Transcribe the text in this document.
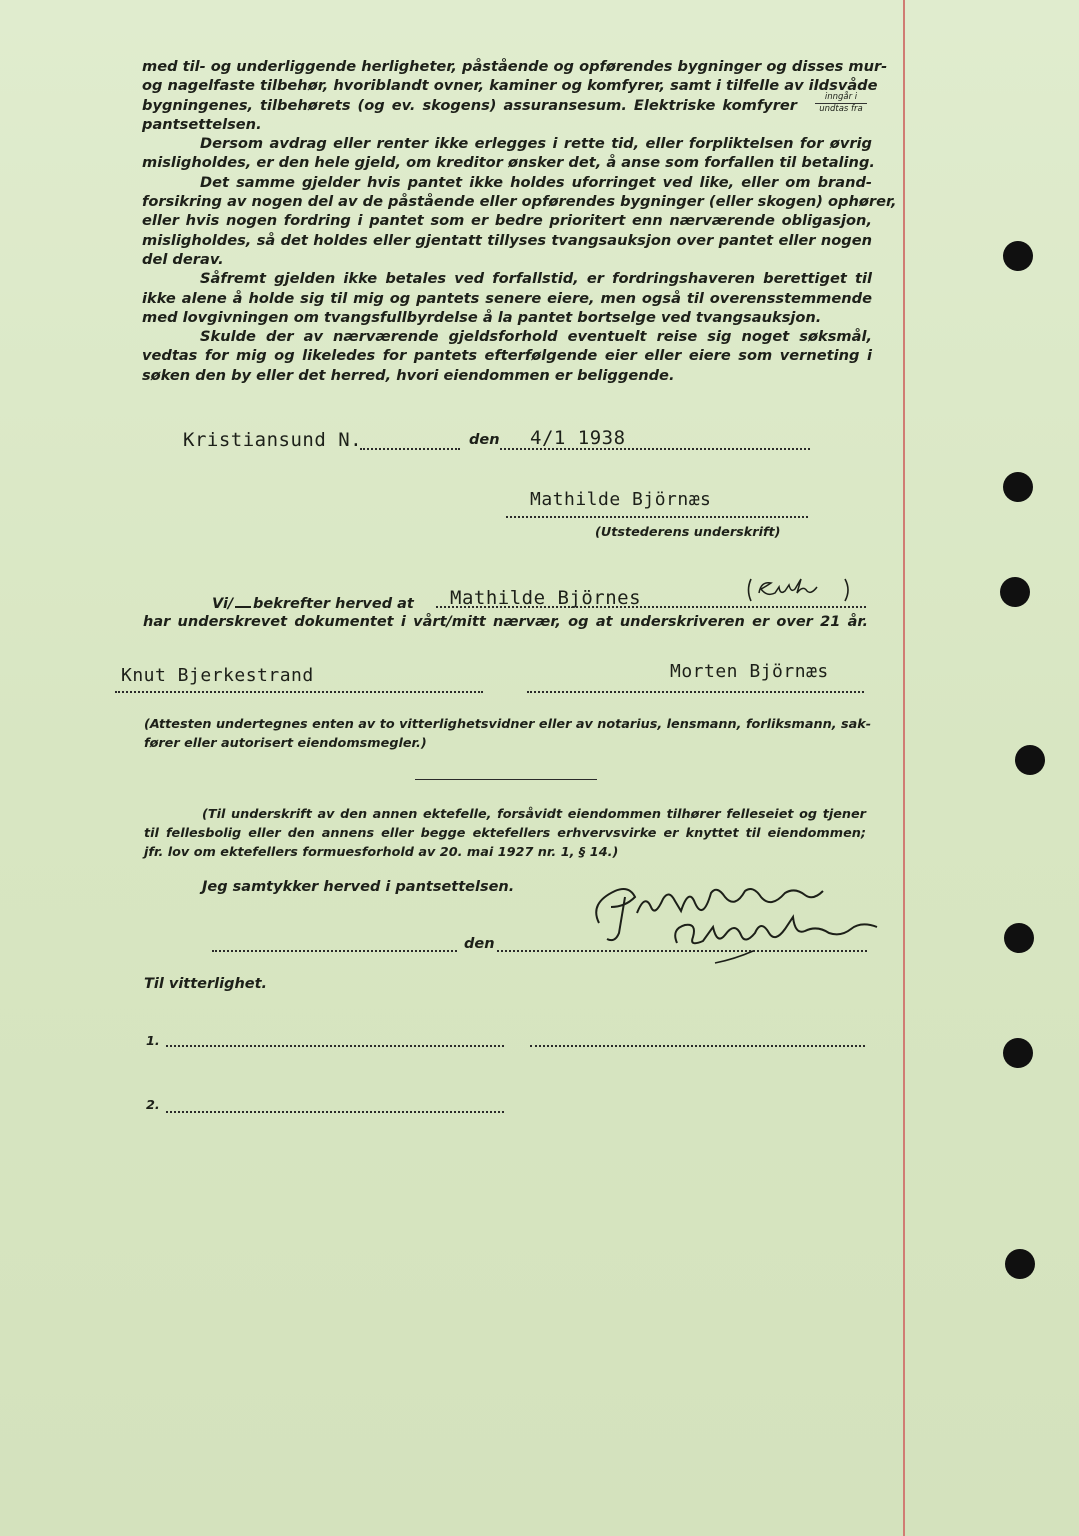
med til- og underliggende herligheter, påstående og opførendes bygninger og disses mur-
og nagelfaste tilbehør, hvoriblandt ovner, kaminer og komfyrer, samt i tilfelle av ildsvåde
bygningenes, tilbehørets (og ev. skogens) assuransesum. Elektriske komfyrer
pantsettelsen.
Dersom avdrag eller renter ikke erlegges i rette tid, eller forpliktelsen for øvrig
misligholdes, er den hele gjeld, om kreditor ønsker det, å anse som forfallen til betaling.
Det samme gjelder hvis pantet ikke holdes uforringet ved like, eller om brand-
forsikring av nogen del av de påstående eller opførendes bygninger (eller skogen) ophører,
eller hvis nogen fordring i pantet som er bedre prioritert enn nærværende obligasjon,
misligholdes, så det holdes eller gjentatt tillyses tvangsauksjon over pantet eller nogen
del derav.
Såfremt gjelden ikke betales ved forfallstid, er fordringshaveren berettiget til
ikke alene å holde sig til mig og pantets senere eiere, men også til overensstemmende
med lovgivningen om tvangsfullbyrdelse å la pantet bortselge ved tvangsauksjon.
Skulde der av nærværende gjeldsforhold eventuelt reise sig noget søksmål,
vedtas for mig og likeledes for pantets efterfølgende eier eller eiere som verneting i
søken den by eller det herred, hvori eiendommen er beliggende.
inngår i
undtas fra
Kristiansund N.	den 4/1 1938
Mathilde Björnæs
(Utstederens underskrift)
Vi/	bekrefter herved at Mathilde Björnes
har underskrevet dokumentet i vårt/mitt nærvær, og at underskriveren er over 21 år.
Knut Bjerkestrand	Morten Björnæs
(Attesten undertegnes enten av to vitterlighetsvidner eller av notarius, lensmann, forliksmann, sak-
fører eller autorisert eiendomsmegler.)
(Til underskrift av den annen ektefelle, forsåvidt eiendommen tilhører felleseiet og tjener
til fellesbolig eller den annens eller begge ektefellers erhvervsvirke er knyttet til eiendommen;
jfr. lov om ektefellers formuesforhold av 20. mai 1927 nr. 1, § 14.)
Jeg samtykker herved i pantsettelsen.
den
Til vitterlighet.
1.
2.
